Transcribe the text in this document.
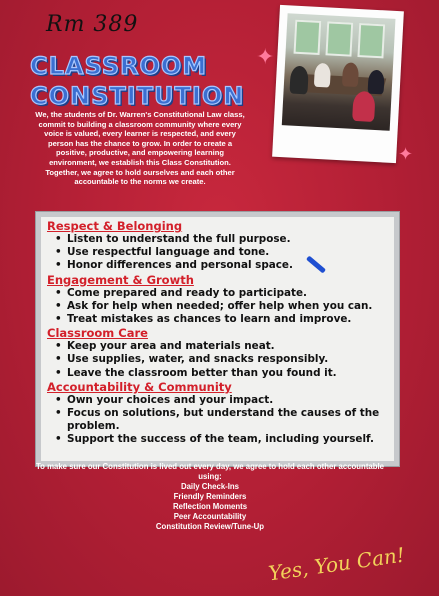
Rm 389
CLASSROOM
CONSTITUTION
✦
✦
We, the students of Dr. Warren's Constitutional Law class, commit to building a classroom community where every voice is valued, every learner is respected, and every person has the chance to grow. In order to create a positive, productive, and empowering learning environment, we establish this Class Constitution. Together, we agree to hold ourselves and each other accountable to the norms we create.

Respect & Belonging

• Listen to understand the full purpose.
• Use respectful language and tone.
• Honor differences and personal space.

Engagement & Growth

• Come prepared and ready to participate.
• Ask for help when needed; offer help when you can.
• Treat mistakes as chances to learn and improve.

Classroom Care

• Keep your area and materials neat.
• Use supplies, water, and snacks responsibly.
• Leave the classroom better than you found it.

Accountability & Community

• Own your choices and your impact.
• Focus on solutions, but understand the causes of the problem.
• Support the success of the team, including yourself.
To make sure our Constitution is lived out every day, we agree to hold each other accountable using:
Daily Check-Ins
Friendly Reminders
Reflection Moments
Peer Accountability
Constitution Review/Tune-Up
Yes, You Can!
